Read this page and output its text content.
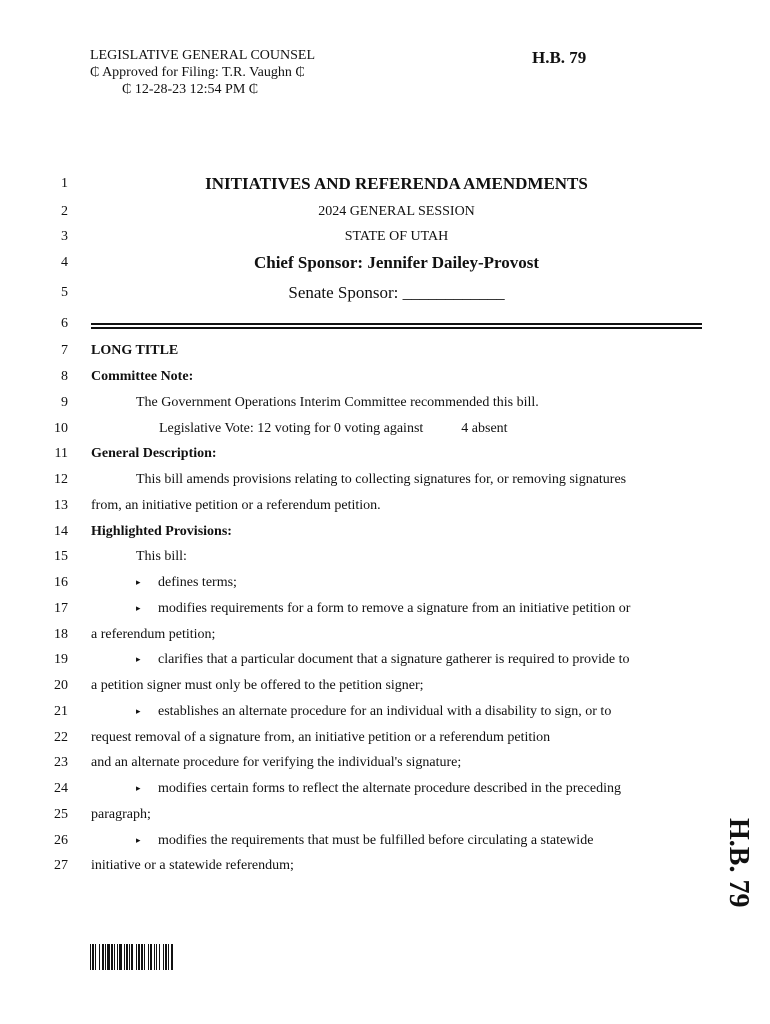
LEGISLATIVE GENERAL COUNSEL
₵ Approved for Filing: T.R. Vaughn ₵
₵ 12-28-23 12:54 PM ₵
H.B. 79
1	INITIATIVES AND REFERENDA AMENDMENTS
2	2024 GENERAL SESSION
3	STATE OF UTAH
4	Chief Sponsor: Jennifer Dailey-Provost
5	Senate Sponsor: ____________
6
7 LONG TITLE
8 Committee Note:
9	The Government Operations Interim Committee recommended this bill.
10	Legislative Vote: 12 voting for 0 voting against	4 absent
11 General Description:
12	This bill amends provisions relating to collecting signatures for, or removing signatures
13 from, an initiative petition or a referendum petition.
14 Highlighted Provisions:
15	This bill:
16	▸ defines terms;
17	▸ modifies requirements for a form to remove a signature from an initiative petition or
18 a referendum petition;
19	▸ clarifies that a particular document that a signature gatherer is required to provide to
20 a petition signer must only be offered to the petition signer;
21	▸ establishes an alternate procedure for an individual with a disability to sign, or to
22 request removal of a signature from, an initiative petition or a referendum petition
23 and an alternate procedure for verifying the individual's signature;
24	▸ modifies certain forms to reflect the alternate procedure described in the preceding
25 paragraph;
26	▸ modifies the requirements that must be fulfilled before circulating a statewide
27 initiative or a statewide referendum;	H.B. 79
